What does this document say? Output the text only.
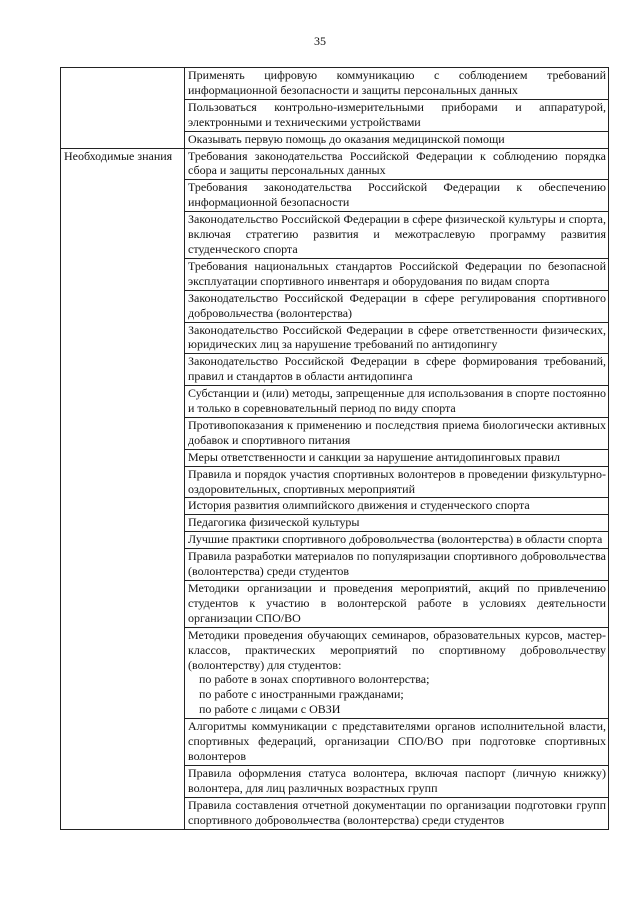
35
	Применять цифровую коммуникацию с соблюдением требований информационной безопасности и защиты персональных данных
	Пользоваться контрольно-измерительными приборами и аппаратурой, электронными и техническими устройствами
	Оказывать первую помощь до оказания медицинской помощи
Необходимые знания	Требования законодательства Российской Федерации к соблюдению порядка сбора и защиты персональных данных
	Требования законодательства Российской Федерации к обеспечению информационной безопасности
	Законодательство Российской Федерации в сфере физической культуры и спорта, включая стратегию развития и межотраслевую программу развития студенческого спорта
	Требования национальных стандартов Российской Федерации по безопасной эксплуатации спортивного инвентаря и оборудования по видам спорта
	Законодательство Российской Федерации в сфере регулирования спортивного добровольчества (волонтерства)
	Законодательство Российской Федерации в сфере ответственности физических, юридических лиц за нарушение требований по антидопингу
	Законодательство Российской Федерации в сфере формирования требований, правил и стандартов в области антидопинга
	Субстанции и (или) методы, запрещенные для использования в спорте постоянно и только в соревновательный период по виду спорта
	Противопоказания к применению и последствия приема биологически активных добавок и спортивного питания
	Меры ответственности и санкции за нарушение антидопинговых правил
	Правила и порядок участия спортивных волонтеров в проведении физкультурно-оздоровительных, спортивных мероприятий
	История развития олимпийского движения и студенческого спорта
	Педагогика физической культуры
	Лучшие практики спортивного добровольчества (волонтерства) в области спорта
	Правила разработки материалов по популяризации спортивного добровольчества (волонтерства) среди студентов
	Методики организации и проведения мероприятий, акций по привлечению студентов к участию в волонтерской работе в условиях деятельности организации СПО/ВО
	Методики проведения обучающих семинаров, образовательных курсов, мастер-классов, практических мероприятий по спортивному добровольчеству (волонтерству) для студентов:
по работе в зонах спортивного волонтерства;
по работе с иностранными гражданами;
по работе с лицами с ОВЗИ

	Алгоритмы коммуникации с представителями органов исполнительной власти, спортивных федераций, организации СПО/ВО при подготовке спортивных волонтеров
	Правила оформления статуса волонтера, включая паспорт (личную книжку) волонтера, для лиц различных возрастных групп
	Правила составления отчетной документации по организации подготовки групп спортивного добровольчества (волонтерства) среди студентов
